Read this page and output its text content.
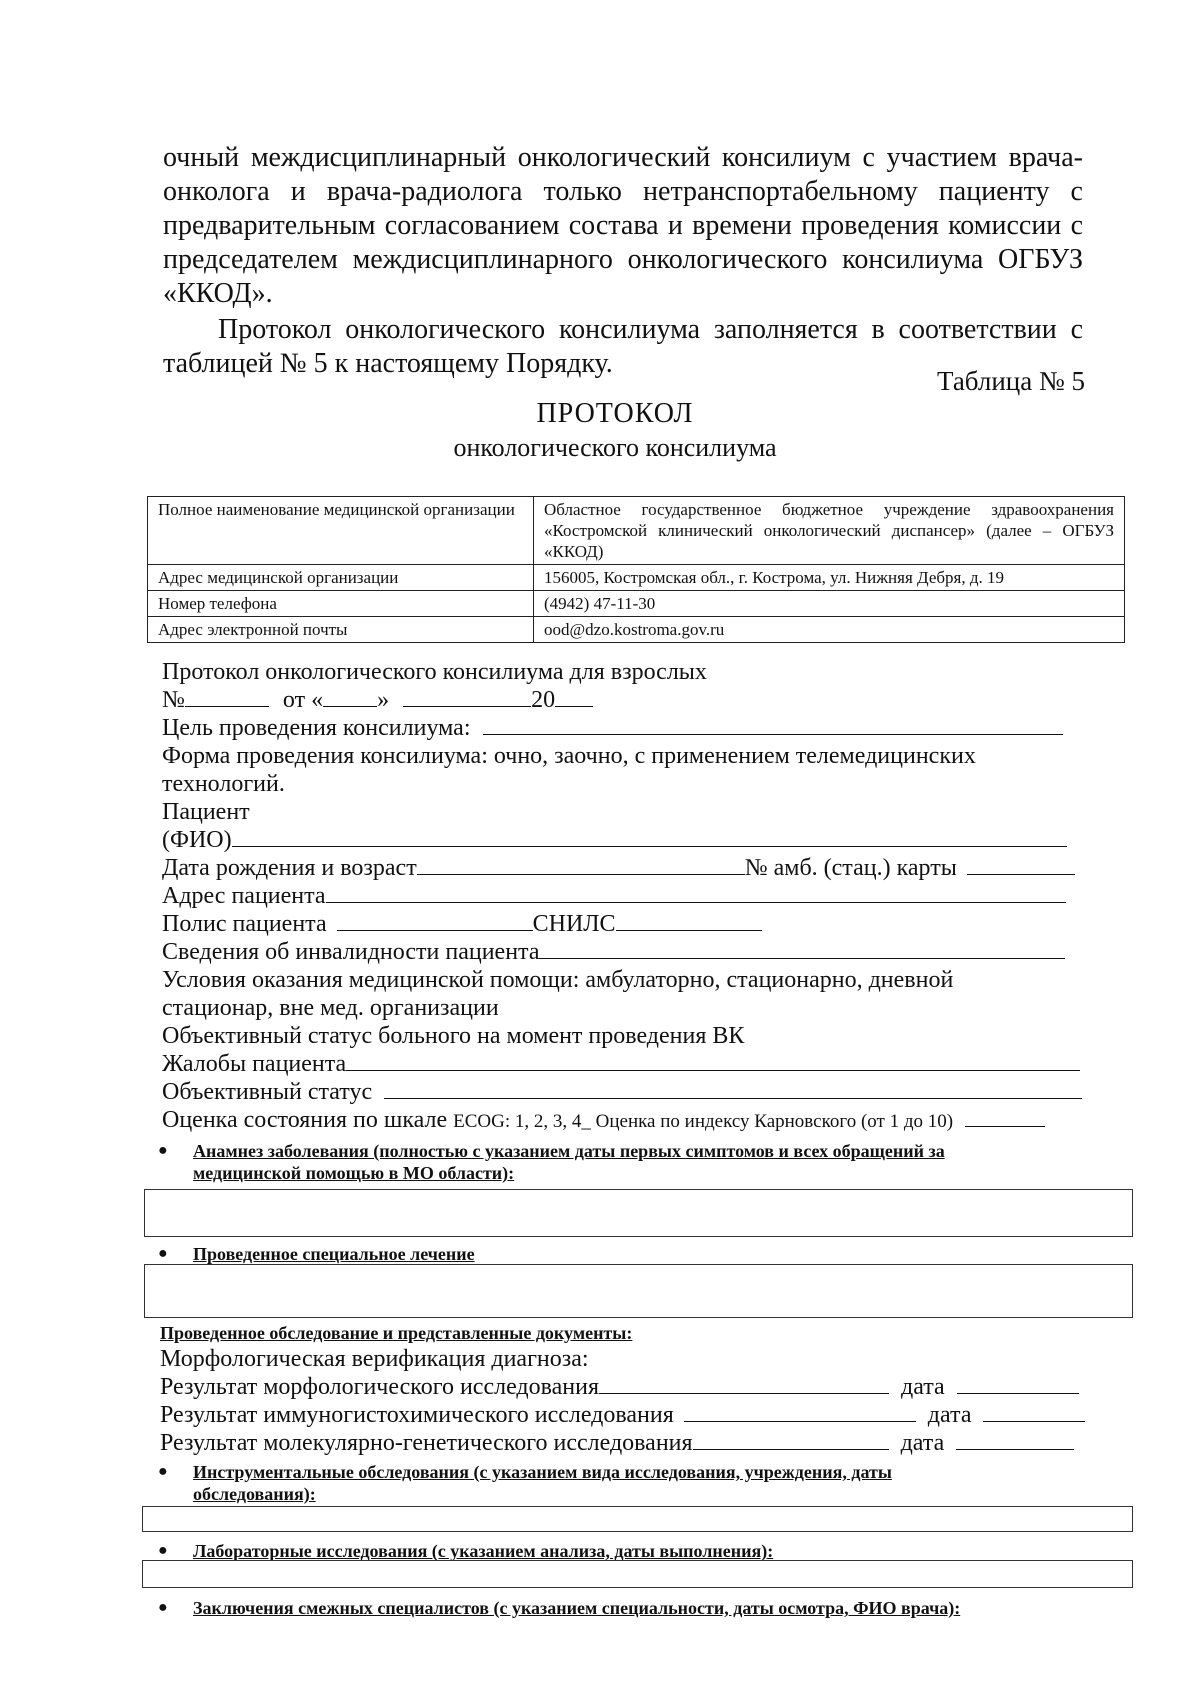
очный междисциплинарный онкологический консилиум с участием врача-онколога и врача-радиолога только нетранспортабельному пациенту с предварительным согласованием состава и времени проведения комиссии с председателем междисциплинарного онкологического консилиума ОГБУЗ «ККОД».
Протокол онкологического консилиума заполняется в соответствии с таблицей № 5 к настоящему Порядку.
Таблица № 5
ПРОТОКОЛ
онкологического консилиума
Полное наименование медицинской организации	Областное государственное бюджетное учреждение здравоохранения «Костромской клинический онкологический диспансер» (далее – ОГБУЗ «ККОД)
Адрес медицинской организации	156005, Костромская обл., г. Кострома, ул. Нижняя Дебря, д. 19
Номер телефона	(4942) 47-11-30
Адрес электронной почты	ood@dzo.kostroma.gov.ru
Протокол онкологического консилиума для взрослых
№	от « »	20
Цель проведения консилиума:
Форма проведения консилиума: очно, заочно, с применением телемедицинских
технологий.
Пациент
(ФИО)
Дата рождения и возраст	№ амб. (стац.) карты
Адрес пациента
Полис пациента	СНИЛС
Сведения об инвалидности пациента
Условия оказания медицинской помощи: амбулаторно, стационарно, дневной
стационар, вне мед. организации
Объективный статус больного на момент проведения ВК
Жалобы пациента
Объективный статус
Оценка состояния по шкале ECOG: 1, 2, 3, 4_ Оценка по индексу Карновского (от 1 до 10)
● Анамнез заболевания (полностью с указанием даты первых симптомов и всех обращений за
медицинской помощью в МО области):
● Проведенное специальное лечение
Проведенное обследование и представленные документы:
Морфологическая верификация диагноза:
Результат морфологического исследования	дата
Результат иммуногистохимического исследования	дата
Результат молекулярно-генетического исследования	дата
● Инструментальные обследования (с указанием вида исследования, учреждения, даты
обследования):
● Лабораторные исследования (с указанием анализа, даты выполнения):
● Заключения смежных специалистов (с указанием специальности, даты осмотра, ФИО врача):
